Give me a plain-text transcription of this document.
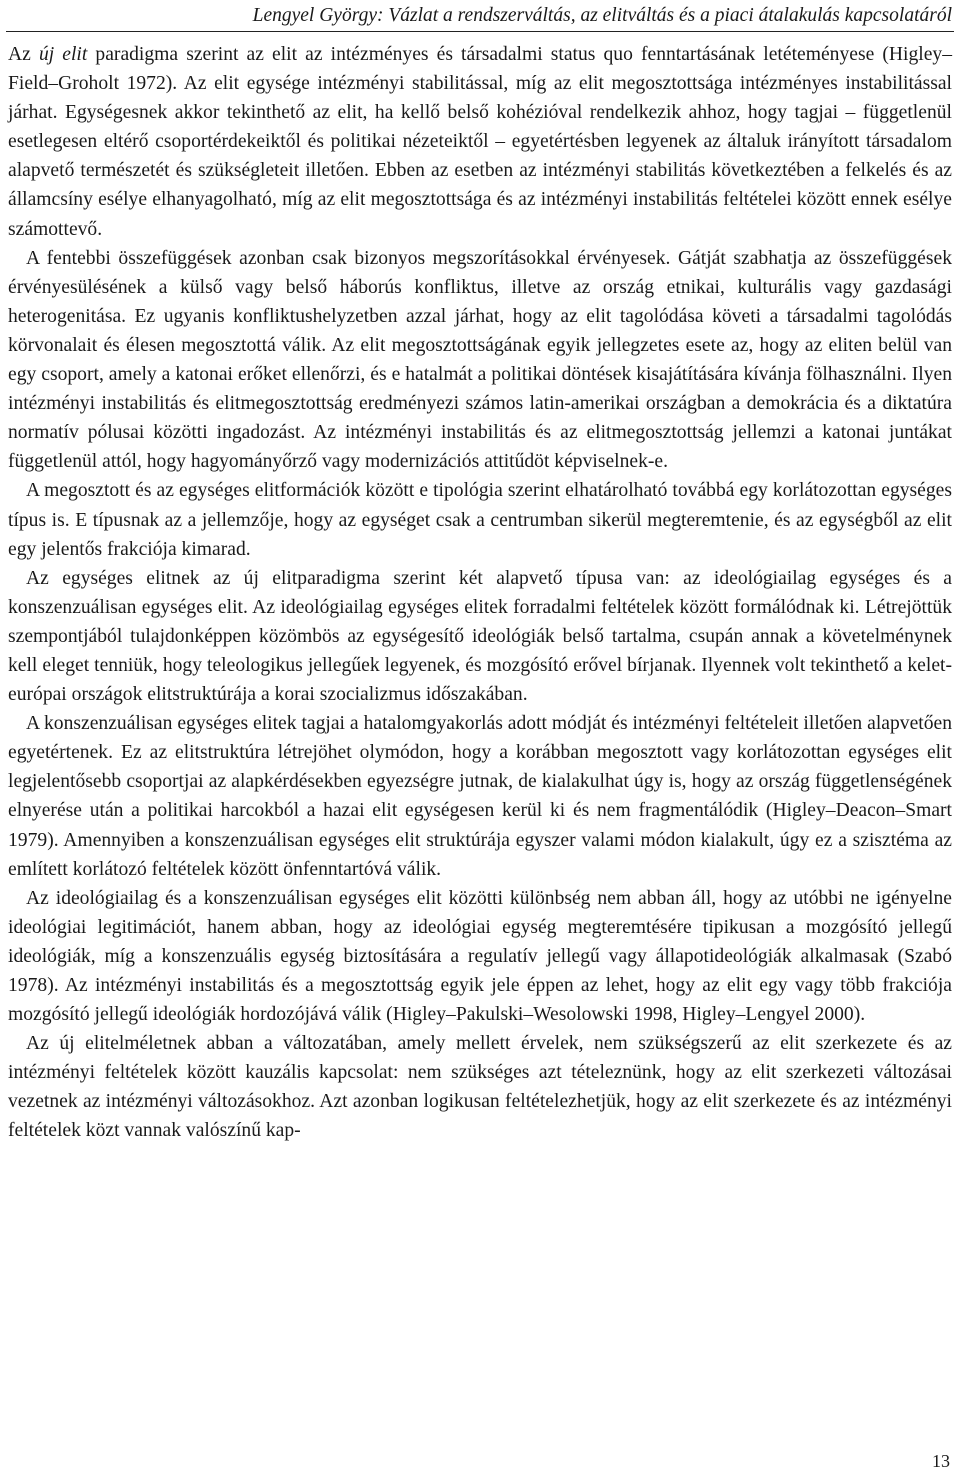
Lengyel György: Vázlat a rendszerváltás, az elitváltás és a piaci átalakulás kapcsolatáról

Az új elit paradigma szerint az elit az intézményes és társadalmi status quo fenntartásának letéteményese (Higley–Field–Groholt 1972). Az elit egysége intézményi stabilitással, míg az elit megosztottsága intézményes instabilitással járhat. Egységesnek akkor tekinthető az elit, ha kellő belső kohézióval rendelkezik ahhoz, hogy tagjai – függetlenül esetlegesen eltérő csoportérdekeiktől és politikai nézeteiktől – egyetértésben legyenek az általuk irányított társadalom alapvető természetét és szükségleteit illetően. Ebben az esetben az intézményi stabilitás következtében a felkelés és az államcsíny esélye elhanyagolható, míg az elit megosztottsága és az intézményi instabilitás feltételei között ennek esélye számottevő.

A fentebbi összefüggések azonban csak bizonyos megszorításokkal érvényesek. Gátját szabhatja az összefüggések érvényesülésének a külső vagy belső háborús konfliktus, illetve az ország etnikai, kulturális vagy gazdasági heterogenitása. Ez ugyanis konfliktushelyzetben azzal járhat, hogy az elit tagolódása követi a társadalmi tagolódás körvonalait és élesen megosztottá válik. Az elit megosztottságának egyik jellegzetes esete az, hogy az eliten belül van egy csoport, amely a katonai erőket ellenőrzi, és e hatalmát a politikai döntések kisajátítására kívánja fölhasználni. Ilyen intézményi instabilitás és elitmegosztottság eredményezi számos latin-amerikai országban a demokrácia és a diktatúra normatív pólusai közötti ingadozást. Az intézményi instabilitás és az elitmegosztottság jellemzi a katonai juntákat függetlenül attól, hogy hagyományőrző vagy modernizációs attitűdöt képviselnek-e.

A megosztott és az egységes elitformációk között e tipológia szerint elhatárolható továbbá egy korlátozottan egységes típus is. E típusnak az a jellemzője, hogy az egységet csak a centrumban sikerül megteremtenie, és az egységből az elit egy jelentős frakciója kimarad.

Az egységes elitnek az új elitparadigma szerint két alapvető típusa van: az ideológiailag egységes és a konszenzuálisan egységes elit. Az ideológiailag egységes elitek forradalmi feltételek között formálódnak ki. Létrejöttük szempontjából tulajdonképpen közömbös az egységesítő ideológiák belső tartalma, csupán annak a követelménynek kell eleget tenniük, hogy teleologikus jellegűek legyenek, és mozgósító erővel bírjanak. Ilyennek volt tekinthető a kelet-európai országok elitstruktúrája a korai szocializmus időszakában.

A konszenzuálisan egységes elitek tagjai a hatalomgyakorlás adott módját és intézményi feltételeit illetően alapvetően egyetértenek. Ez az elitstruktúra létrejöhet olymódon, hogy a korábban megosztott vagy korlátozottan egységes elit legjelentősebb csoportjai az alapkérdésekben egyezségre jutnak, de kialakulhat úgy is, hogy az ország függetlenségének elnyerése után a politikai harcokból a hazai elit egységesen kerül ki és nem fragmentálódik (Higley–Deacon–Smart 1979). Amennyiben a konszenzuálisan egységes elit struktúrája egyszer valami módon kialakult, úgy ez a szisztéma az említett korlátozó feltételek között önfenntartóvá válik.

Az ideológiailag és a konszenzuálisan egységes elit közötti különbség nem abban áll, hogy az utóbbi ne igényelne ideológiai legitimációt, hanem abban, hogy az ideológiai egység megteremtésére tipikusan a mozgósító jellegű ideológiák, míg a konszenzuális egység biztosítására a regulatív jellegű vagy állapotideológiák alkalmasak (Szabó 1978). Az intézményi instabilitás és a megosztottság egyik jele éppen az lehet, hogy az elit egy vagy több frakciója mozgósító jellegű ideológiák hordozójává válik (Higley–Pakulski–Wesolowski 1998, Higley–Lengyel 2000).

Az új elitelméletnek abban a változatában, amely mellett érvelek, nem szükségszerű az elit szerkezete és az intézményi feltételek között kauzális kapcsolat: nem szükséges azt tételeznünk, hogy az elit szerkezeti változásai vezetnek az intézményi változásokhoz. Azt azonban logikusan feltételezhetjük, hogy az elit szerkezete és az intézményi feltételek közt vannak valószínű kap-

13
